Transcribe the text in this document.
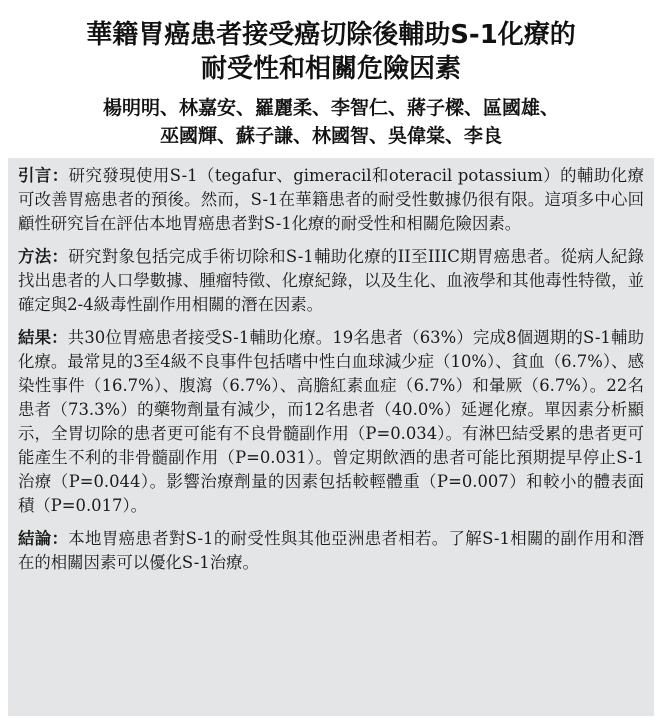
華籍胃癌患者接受癌切除後輔助S-1化療的
耐受性和相關危險因素

楊明明、林嘉安、羅麗柔、李智仁、蔣子樑、區國雄、
巫國輝、蘇子謙、林國智、吳偉棠、李良

引言：研究發現使用S-1（tegafur、gimeracil和oteracil potassium）的輔助化療可改善胃癌患者的預後。然而，S-1在華籍患者的耐受性數據仍很有限。這項多中心回顧性研究旨在評估本地胃癌患者對S-1化療的耐受性和相關危險因素。

方法：研究對象包括完成手術切除和S-1輔助化療的II至IIIC期胃癌患者。從病人紀錄找出患者的人口學數據、腫瘤特徵、化療紀錄，以及生化、血液學和其他毒性特徵，並確定與2-4級毒性副作用相關的潛在因素。

結果：共30位胃癌患者接受S-1輔助化療。19名患者（63%）完成8個週期的S-1輔助化療。最常見的3至4級不良事件包括嗜中性白血球減少症（10%）、貧血（6.7%）、感染性事件（16.7%）、腹瀉（6.7%）、高膽紅素血症（6.7%）和暈厥（6.7%）。22名患者（73.3%）的藥物劑量有減少，而12名患者（40.0%）延遲化療。單因素分析顯示，全胃切除的患者更可能有不良骨髓副作用（P=0.034）。有淋巴結受累的患者更可能產生不利的非骨髓副作用（P=0.031）。曾定期飲酒的患者可能比預期提早停止S-1治療（P=0.044）。影響治療劑量的因素包括較輕體重（P=0.007）和較小的體表面積（P=0.017）。

結論：本地胃癌患者對S-1的耐受性與其他亞洲患者相若。了解S-1相關的副作用和潛在的相關因素可以優化S-1治療。
